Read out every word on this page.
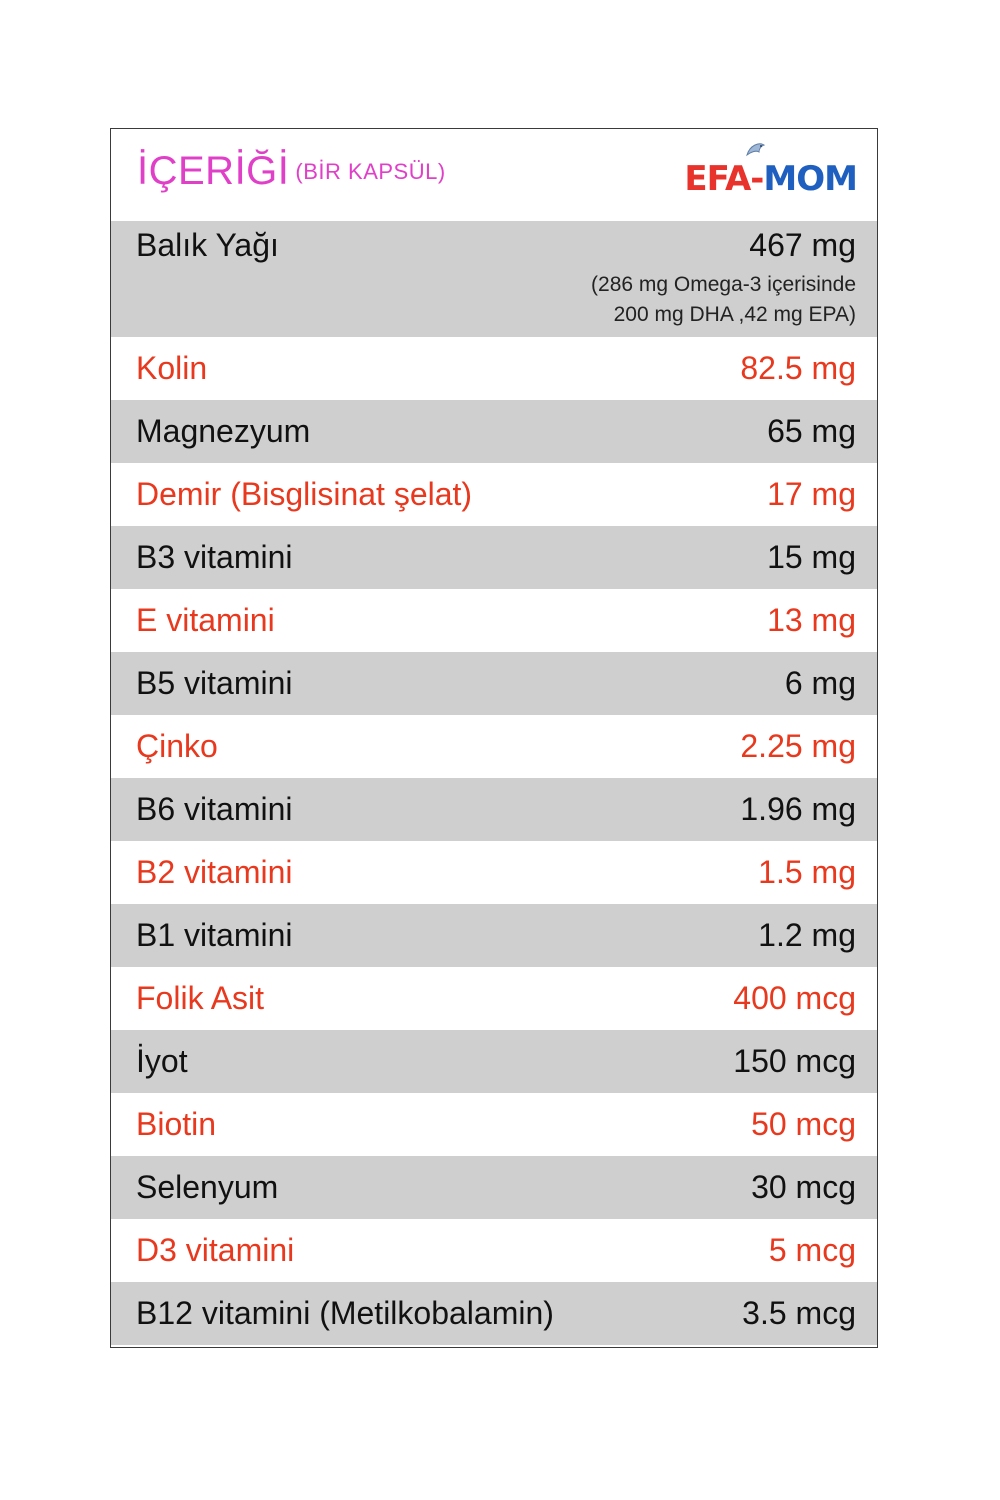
İÇERİĞİ (BİR KAPSÜL)	EFA-MOM
Balık Yağı	467 mg
(286 mg Omega-3 içerisinde
200 mg DHA ,42 mg EPA)
Kolin	82.5 mg
Magnezyum	65 mg
Demir (Bisglisinat şelat)	17 mg
B3 vitamini	15 mg
E vitamini	13 mg
B5 vitamini	6 mg
Çinko	2.25 mg
B6 vitamini	1.96 mg
B2 vitamini	1.5 mg
B1 vitamini	1.2 mg
Folik Asit	400 mcg
İyot	150 mcg
Biotin	50 mcg
Selenyum	30 mcg
D3 vitamini	5 mcg
B12 vitamini (Metilkobalamin)	3.5 mcg
